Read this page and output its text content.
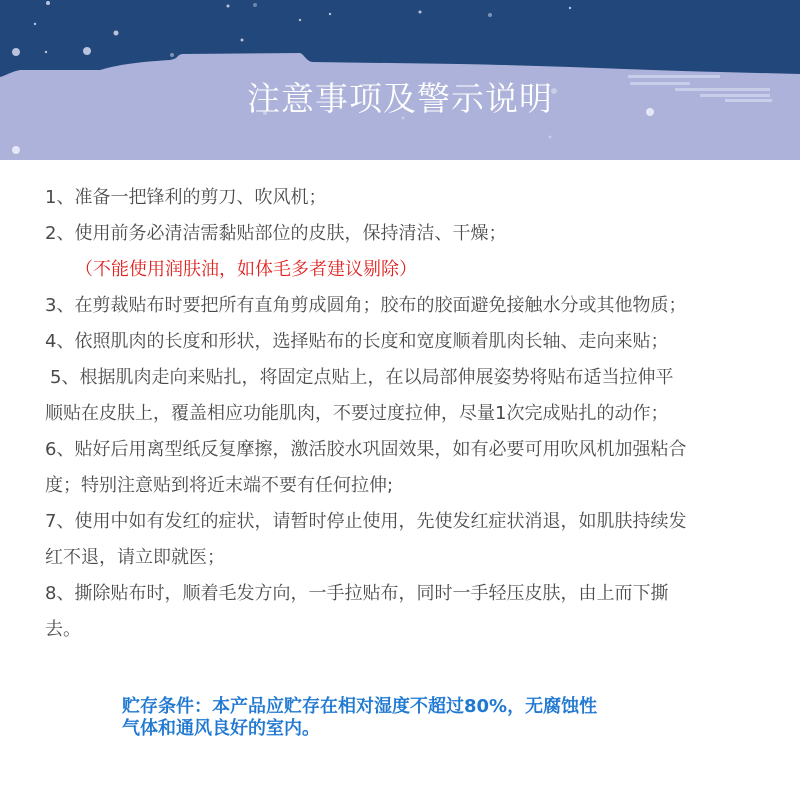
注意事项及警示说明

1、准备一把锋利的剪刀、吹风机；

2、使用前务必清洁需黏贴部位的皮肤，保持清洁、干燥；

（不能使用润肤油，如体毛多者建议剔除）

3、在剪裁贴布时要把所有直角剪成圆角；胶布的胶面避免接触水分或其他物质；

4、依照肌肉的长度和形状，选择贴布的长度和宽度顺着肌肉长轴、走向来贴；

5、根据肌肉走向来贴扎，将固定点贴上，在以局部伸展姿势将贴布适当拉伸平

顺贴在皮肤上，覆盖相应功能肌肉，不要过度拉伸，尽量1次完成贴扎的动作；

6、贴好后用离型纸反复摩擦，激活胶水巩固效果，如有必要可用吹风机加强粘合

度；特别注意贴到将近末端不要有任何拉伸;

7、使用中如有发红的症状，请暂时停止使用，先使发红症状消退，如肌肤持续发

红不退，请立即就医；

8、撕除贴布时，顺着毛发方向，一手拉贴布，同时一手轻压皮肤，由上而下撕

去。

贮存条件：本产品应贮存在相对湿度不超过80%，无腐蚀性

气体和通风良好的室内。
